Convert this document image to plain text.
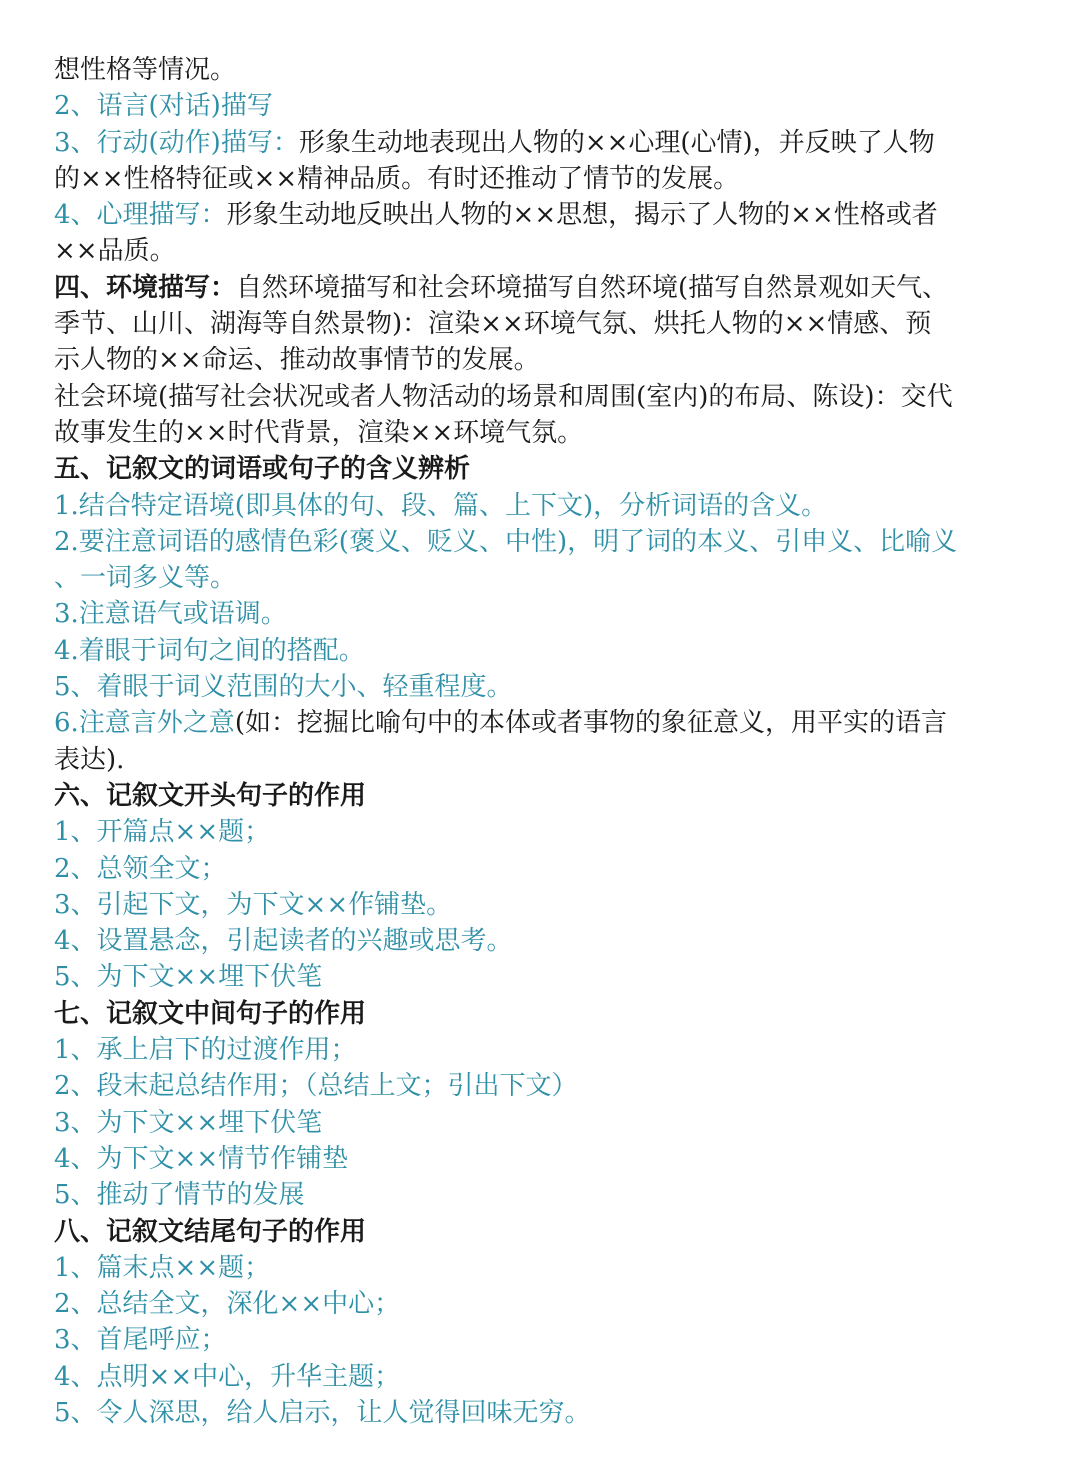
想性格等情况。
2、语言(对话)描写
3、行动(动作)描写：形象生动地表现出人物的××心理(心情)，并反映了人物
的××性格特征或××精神品质。有时还推动了情节的发展。
4、心理描写：形象生动地反映出人物的××思想，揭示了人物的××性格或者
××品质。
四、环境描写：自然环境描写和社会环境描写自然环境(描写自然景观如天气、
季节、山川、湖海等自然景物)：渲染××环境气氛、烘托人物的××情感、预
示人物的××命运、推动故事情节的发展。
社会环境(描写社会状况或者人物活动的场景和周围(室内)的布局、陈设)：交代
故事发生的××时代背景，渲染××环境气氛。
五、记叙文的词语或句子的含义辨析
1.结合特定语境(即具体的句、段、篇、上下文)，分析词语的含义。
2.要注意词语的感情色彩(褒义、贬义、中性)，明了词的本义、引申义、比喻义
、一词多义等。
3.注意语气或语调。
4.着眼于词句之间的搭配。
5、着眼于词义范围的大小、轻重程度。
6.注意言外之意(如：挖掘比喻句中的本体或者事物的象征意义，用平实的语言
表达).
六、记叙文开头句子的作用
1、开篇点××题；
2、总领全文；
3、引起下文，为下文××作铺垫。
4、设置悬念，引起读者的兴趣或思考。
5、为下文××埋下伏笔
七、记叙文中间句子的作用
1、承上启下的过渡作用；
2、段末起总结作用；（总结上文；引出下文）
3、为下文××埋下伏笔
4、为下文××情节作铺垫
5、推动了情节的发展
八、记叙文结尾句子的作用
1、篇末点××题；
2、总结全文，深化××中心；
3、首尾呼应；
4、点明××中心，升华主题；
5、令人深思，给人启示，让人觉得回味无穷。
